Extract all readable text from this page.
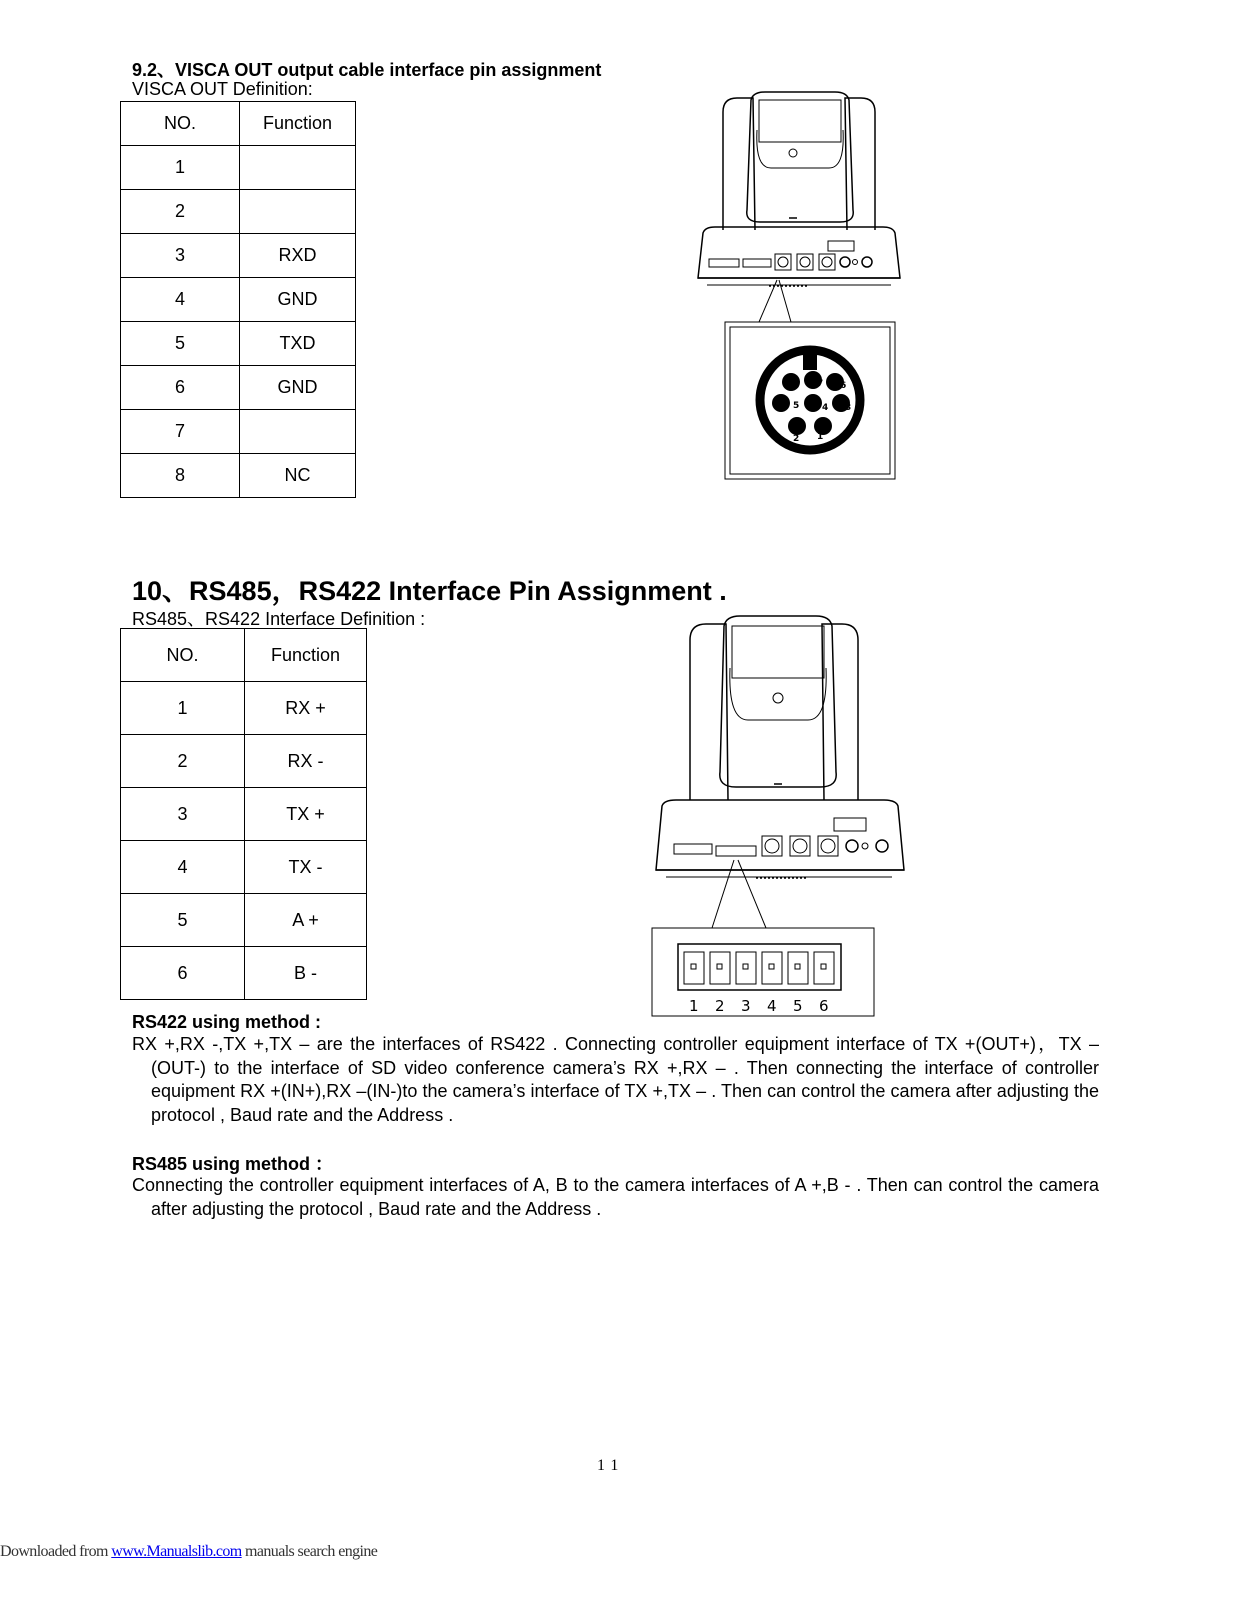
9.2、VISCA OUT output cable interface pin assignment
VISCA OUT Definition:
NO.	Function
1	
2	
3	RXD
4	GND
5	TXD
6	GND
7	
8	NC
8 7 6
5	4 3
2 1
10、RS485，RS422 Interface Pin Assignment .
RS485、RS422 Interface Definition :
NO.	Function
1	RX +
2	RX -
3	TX +
4	TX -
5	A +
6	B -
1 2 3 4 5 6
RS422 using method :
RX +,RX -,TX +,TX – are the interfaces of RS422 . Connecting controller equipment interface of TX +(OUT+)，TX –(OUT-) to the interface of SD video conference camera’s RX +,RX – . Then connecting the interface of controller equipment RX +(IN+),RX –(IN-)to the camera’s interface of TX +,TX – . Then can control the camera after adjusting the protocol , Baud rate and the Address .
RS485 using method ：
Connecting the controller equipment interfaces of A, B to the camera interfaces of A +,B - . Then can control the camera after adjusting the protocol , Baud rate and the Address .
11
Downloaded from www.Manualslib.com manuals search engine
